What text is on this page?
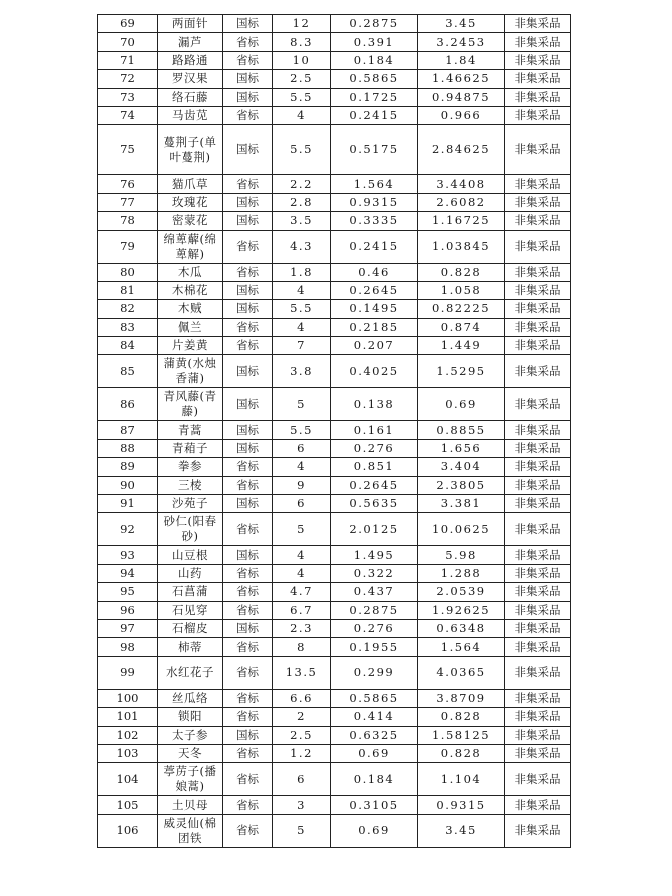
69	两面针	国标	12	0.2875	3.45	非集采品
70	漏芦	省标	8.3	0.391	3.2453	非集采品
71	路路通	省标	10	0.184	1.84	非集采品
72	罗汉果	国标	2.5	0.5865	1.46625	非集采品
73	络石藤	国标	5.5	0.1725	0.94875	非集采品
74	马齿苋	省标	4	0.2415	0.966	非集采品
75	蔓荆子(单叶蔓荆)	国标	5.5	0.5175	2.84625	非集采品
76	猫爪草	省标	2.2	1.564	3.4408	非集采品
77	玫瑰花	国标	2.8	0.9315	2.6082	非集采品
78	密蒙花	国标	3.5	0.3335	1.16725	非集采品
79	绵萆薢(绵萆解)	省标	4.3	0.2415	1.03845	非集采品
80	木瓜	省标	1.8	0.46	0.828	非集采品
81	木棉花	国标	4	0.2645	1.058	非集采品
82	木贼	国标	5.5	0.1495	0.82225	非集采品
83	佩兰	省标	4	0.2185	0.874	非集采品
84	片姜黄	省标	7	0.207	1.449	非集采品
85	蒲黄(水烛香蒲)	国标	3.8	0.4025	1.5295	非集采品
86	青风藤(青藤)	国标	5	0.138	0.69	非集采品
87	青蒿	国标	5.5	0.161	0.8855	非集采品
88	青葙子	国标	6	0.276	1.656	非集采品
89	拳参	省标	4	0.851	3.404	非集采品
90	三棱	省标	9	0.2645	2.3805	非集采品
91	沙苑子	国标	6	0.5635	3.381	非集采品
92	砂仁(阳春砂)	省标	5	2.0125	10.0625	非集采品
93	山豆根	国标	4	1.495	5.98	非集采品
94	山药	省标	4	0.322	1.288	非集采品
95	石菖蒲	省标	4.7	0.437	2.0539	非集采品
96	石见穿	省标	6.7	0.2875	1.92625	非集采品
97	石榴皮	国标	2.3	0.276	0.6348	非集采品
98	柿蒂	省标	8	0.1955	1.564	非集采品
99	水红花子	省标	13.5	0.299	4.0365	非集采品
100	丝瓜络	省标	6.6	0.5865	3.8709	非集采品
101	锁阳	省标	2	0.414	0.828	非集采品
102	太子参	国标	2.5	0.6325	1.58125	非集采品
103	天冬	省标	1.2	0.69	0.828	非集采品
104	葶苈子(播娘蒿)	省标	6	0.184	1.104	非集采品
105	土贝母	省标	3	0.3105	0.9315	非集采品
106	威灵仙(棉团铁	省标	5	0.69	3.45	非集采品
